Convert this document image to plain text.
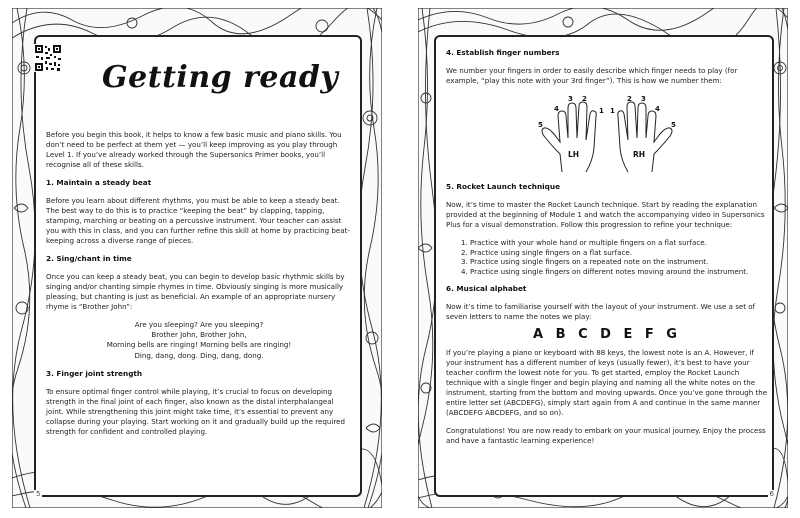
Getting ready

Before you begin this book, it helps to know a few basic music and piano skills. You don’t need to be perfect at them yet — you’ll keep improving as you play through Level 1. If you’ve already worked through the Supersonics Primer books, you’ll recognise all of these skills.

1. Maintain a steady beat

Before you learn about different rhythms, you must be able to keep a steady beat. The best way to do this is to practice “keeping the beat” by clapping, tapping, stamping, marching or beating on a percussive instrument. Your teacher can assist you with this in class, and you can further refine this skill at home by practicing beat-keeping across a diverse range of pieces.

2. Sing/chant in time

Once you can keep a steady beat, you can begin to develop basic rhythmic skills by singing and/or chanting simple rhymes in time. Obviously singing is more musically pleasing, but chanting is just as beneficial. An example of an appropriate nursery rhyme is “Brother John”:

Are you sleeping? Are you sleeping?
Brother John, Brother John,
Morning bells are ringing! Morning bells are ringing!
Ding, dang, dong. Ding, dang, dong.
3. Finger joint strength

To ensure optimal finger control while playing, it’s crucial to focus on developing strength in the final joint of each finger, also known as the distal interphalangeal joint. While strengthening this joint might take time, it’s essential to prevent any collapse during your playing. Start working on it and gradually build up the required strength for confident and controlled playing.

5
4. Establish finger numbers

We number your fingers in order to easily describe which finger needs to play (for example, “play this note with your 3rd finger”). This is how we number them:

5
4
3 2
1 1
2 3
4
5
LH	RH
5. Rocket Launch technique

Now, it’s time to master the Rocket Launch technique. Start by reading the explanation provided at the beginning of Module 1 and watch the accompanying video in Supersonics Plus for a visual demonstration. Follow this progression to refine your technique:

1. Practice with your whole hand or multiple fingers on a flat surface.
2. Practice using single fingers on a flat surface.
3. Practice using single fingers on a repeated note on the instrument.
4. Practice using single fingers on different notes moving around the instrument.
6. Musical alphabet

Now it’s time to familiarise yourself with the layout of your instrument. We use a set of seven letters to name the notes we play:

A B C D E F G

If you’re playing a piano or keyboard with 88 keys, the lowest note is an A. However, if your instrument has a different number of keys (usually fewer), it’s best to have your teacher confirm the lowest note for you. To get started, employ the Rocket Launch technique with a single finger and begin playing and naming all the white notes on the instrument, starting from the bottom and moving upwards. Once you’ve gone through the entire letter set (ABCDEFG), simply start again from A and continue in the same manner (ABCDEFG ABCDEFG, and so on).

Congratulations! You are now ready to embark on your musical journey. Enjoy the process and have a fantastic learning experience!

6
